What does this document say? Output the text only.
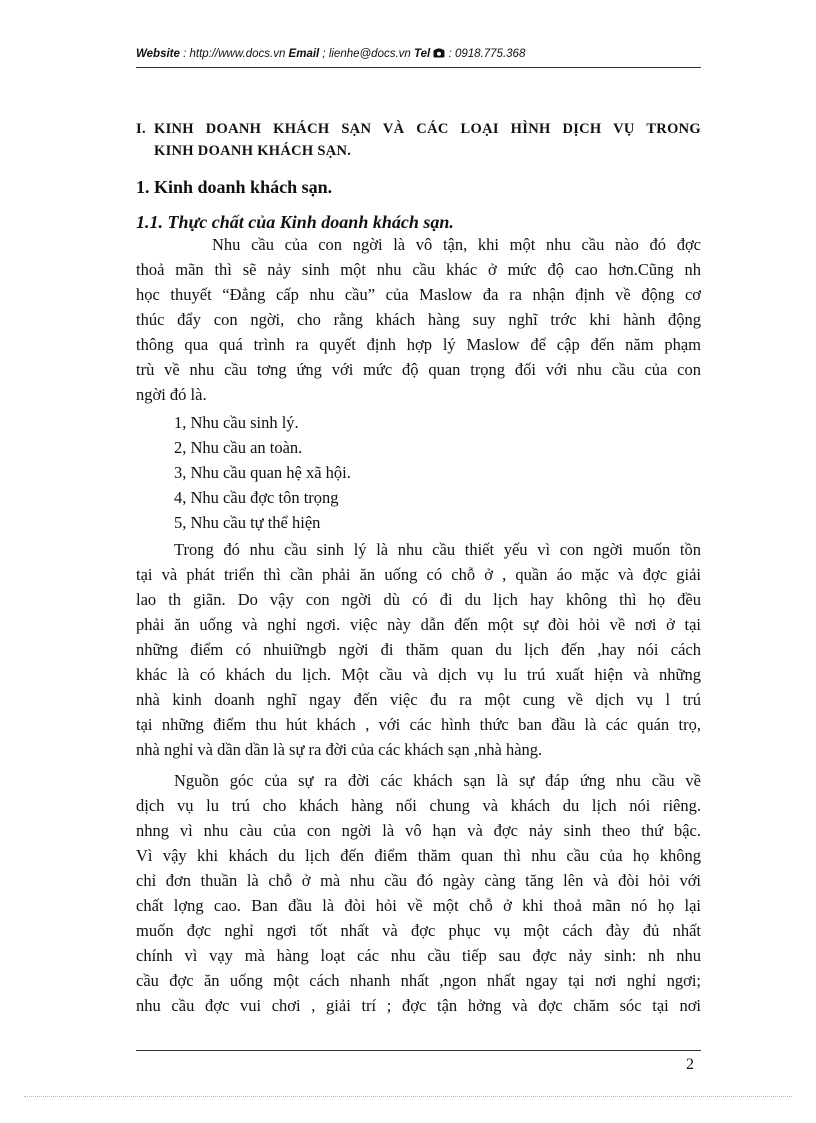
Website : http://www.docs.vn Email ; lienhe@docs.vn Tel  : 0918.775.368
I. KINH DOANH KHÁCH SẠN VÀ CÁC LOẠI HÌNH DỊCH VỤ TRONG
KINH DOANH KHÁCH SẠN.
1. Kinh doanh khách sạn.
1.1. Thực chất của Kinh doanh khách sạn.
Nhu cầu của con ngời là vô tận, khi một nhu cầu nào đó đợc
thoả mãn thì sẽ nảy sinh một nhu cầu khác ở mức độ cao hơn.Cũng nh
học thuyết “Đẳng cấp nhu cầu” của Maslow đa ra nhận định về động cơ
thúc đẩy con ngời, cho rằng khách hàng suy nghĩ trớc khi hành động
thông qua quá trình ra quyết định hợp lý Maslow để cập đến năm phạm
trù về nhu cầu tơng ứng với mức độ quan trọng đối với nhu cầu của con
ngời đó là.
1, Nhu cầu sinh lý.
2, Nhu cầu an toàn.
3, Nhu cầu quan hệ xã hội.
4, Nhu cầu đợc tôn trọng
5, Nhu cầu tự thể hiện
Trong đó nhu cầu sinh lý là nhu cầu thiết yếu vì con ngời muốn tồn
tại và phát triển thì cần phải ăn uống có chỗ ở , quần áo mặc và đợc giải
lao th giãn. Do vậy con ngời dù có đi du lịch hay không thì họ đều
phải ăn uống và nghỉ ngơi. việc này dẫn đến một sự đòi hỏi về nơi ở tại
những điểm có nhuiữngb ngời đi thăm quan du lịch đến ,hay nói cách
khác là có khách du lịch. Một cầu và dịch vụ lu trú xuất hiện và những
nhà kinh doanh nghĩ ngay đến việc đu ra một cung về dịch vụ l trú
tại những điểm thu hút khách , với các hình thức ban đầu là các quán trọ,
nhà nghỉ và dần dần là sự ra đời của các khách sạn ,nhà hàng.
Nguồn góc của sự ra đời các khách sạn là sự đáp ứng nhu cầu về
dịch vụ lu trú cho khách hàng nối chung và khách du lịch nói riêng.
nhng vì nhu càu của con ngời là vô hạn và đợc nảy sinh theo thứ bậc.
Vì vậy khi khách du lịch đến điểm thăm quan thì nhu cầu của họ không
chỉ đơn thuần là chỗ ở mà nhu cầu đó ngày càng tăng lên và đòi hỏi với
chất lợng cao. Ban đầu là đòi hỏi về một chỗ ở khi thoả mãn nó họ lại
muốn đợc nghỉ ngơi tốt nhất và đợc phục vụ một cách đày đủ nhất
chính vì vạy mà hàng loạt các nhu cầu tiếp sau đợc nảy sinh: nh nhu
cầu đợc ăn uống một cách nhanh nhất ,ngon nhất ngay tại nơi nghỉ ngơi;
nhu cầu đợc vui chơi , giải trí ; đợc tận hởng và đợc chăm sóc tại nơi
2
